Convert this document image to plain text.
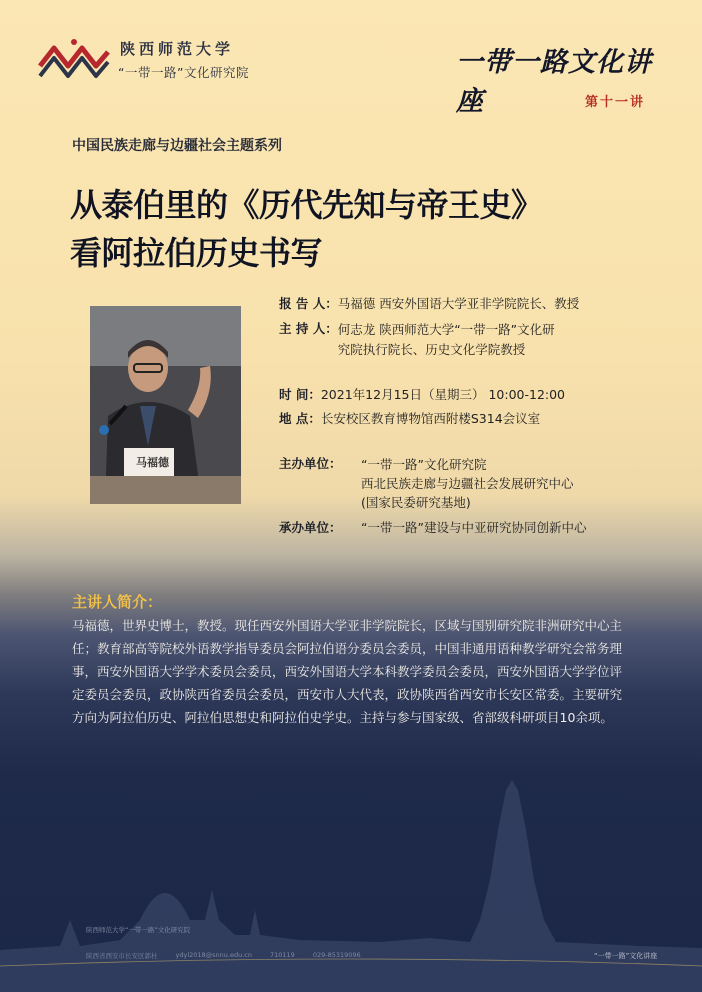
陕西师范大学
“一带一路”文化研究院	一带一路文化讲座	第十一讲
中国民族走廊与边疆社会主题系列
从泰伯里的《历代先知与帝王史》
看阿拉伯历史书写
马福德
报 告 人： 马福德 西安外国语大学亚非学院院长、教授
主 持 人： 何志龙 陕西师范大学“一带一路”文化研
究院执行院长、历史文化学院教授
时 间： 2021年12月15日（星期三） 10:00-12:00
地 点： 长安校区教育博物馆西附楼S314会议室
主办单位：	“一带一路”文化研究院
西北民族走廊与边疆社会发展研究中心
(国家民委研究基地)
承办单位：	“一带一路”建设与中亚研究协同创新中心
主讲人简介：
马福德，世界史博士，教授。现任西安外国语大学亚非学院院长，区域与国别研究院非洲研究中心主任；教育部高等院校外语教学指导委员会阿拉伯语分委员会委员，中国非通用语种教学研究会常务理事，西安外国语大学学术委员会委员，西安外国语大学本科教学委员会委员，西安外国语大学学位评定委员会委员，政协陕西省委员会委员，西安市人大代表，政协陕西省西安市长安区常委。主要研究方向为阿拉伯历史、阿拉伯思想史和阿拉伯史学史。主持与参与国家级、省部级科研项目10余项。
陕西师范大学“一带一路”文化研究院
陕西省西安市长安区郭杜	ydyl2018@snnu.edu.cn	710119	029-85319096	“一带一路”文化讲座
